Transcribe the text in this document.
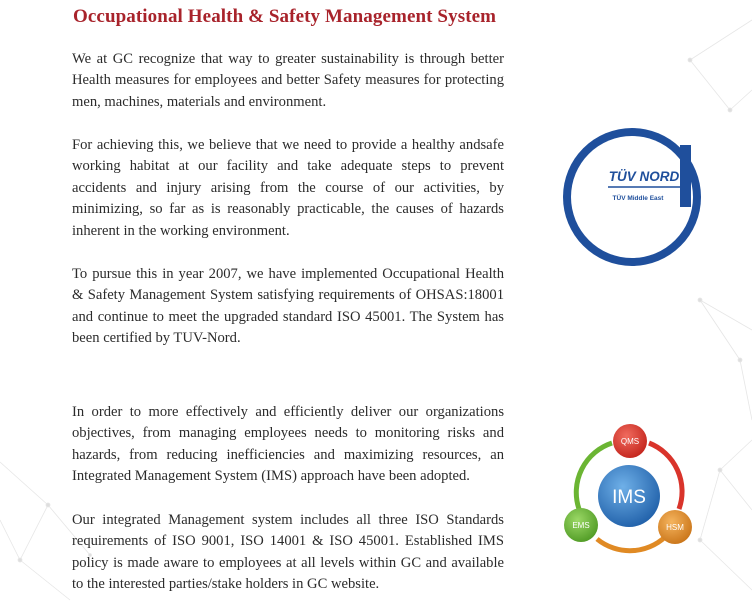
Occupational Health & Safety Management System

We at GC recognize that way to greater sustainability is through better Health measures for employees and better Safety measures for protecting men, machines, materials and environment.

For achieving this, we believe that we need to provide a healthy andsafe working habitat at our facility and take adequate steps to prevent accidents and injury arising from the course of our activities, by minimizing, so far as is reasonably practicable, the causes of hazards inherent in the working environment.

To pursue this in year 2007, we have implemented Occupational Health & Safety Management System satisfying requirements of OHSAS:18001 and continue to meet the upgraded standard ISO 45001. The System has been certified by TUV-Nord.

In order to more effectively and efficiently deliver our organizations objectives, from managing employees needs to monitoring risks and hazards, from reducing inefficiencies and maximizing resources, an Integrated Management System (IMS) approach have been adopted.

Our integrated Management system includes all three ISO Standards requirements of ISO 9001, ISO 14001 & ISO 45001. Established IMS policy is made aware to employees at all levels within GC and available to the interested parties/stake holders in GC website.

TÜV NORD
TÜV Middle East
ISO 45001
IMS
QMS
HSM
EMS
